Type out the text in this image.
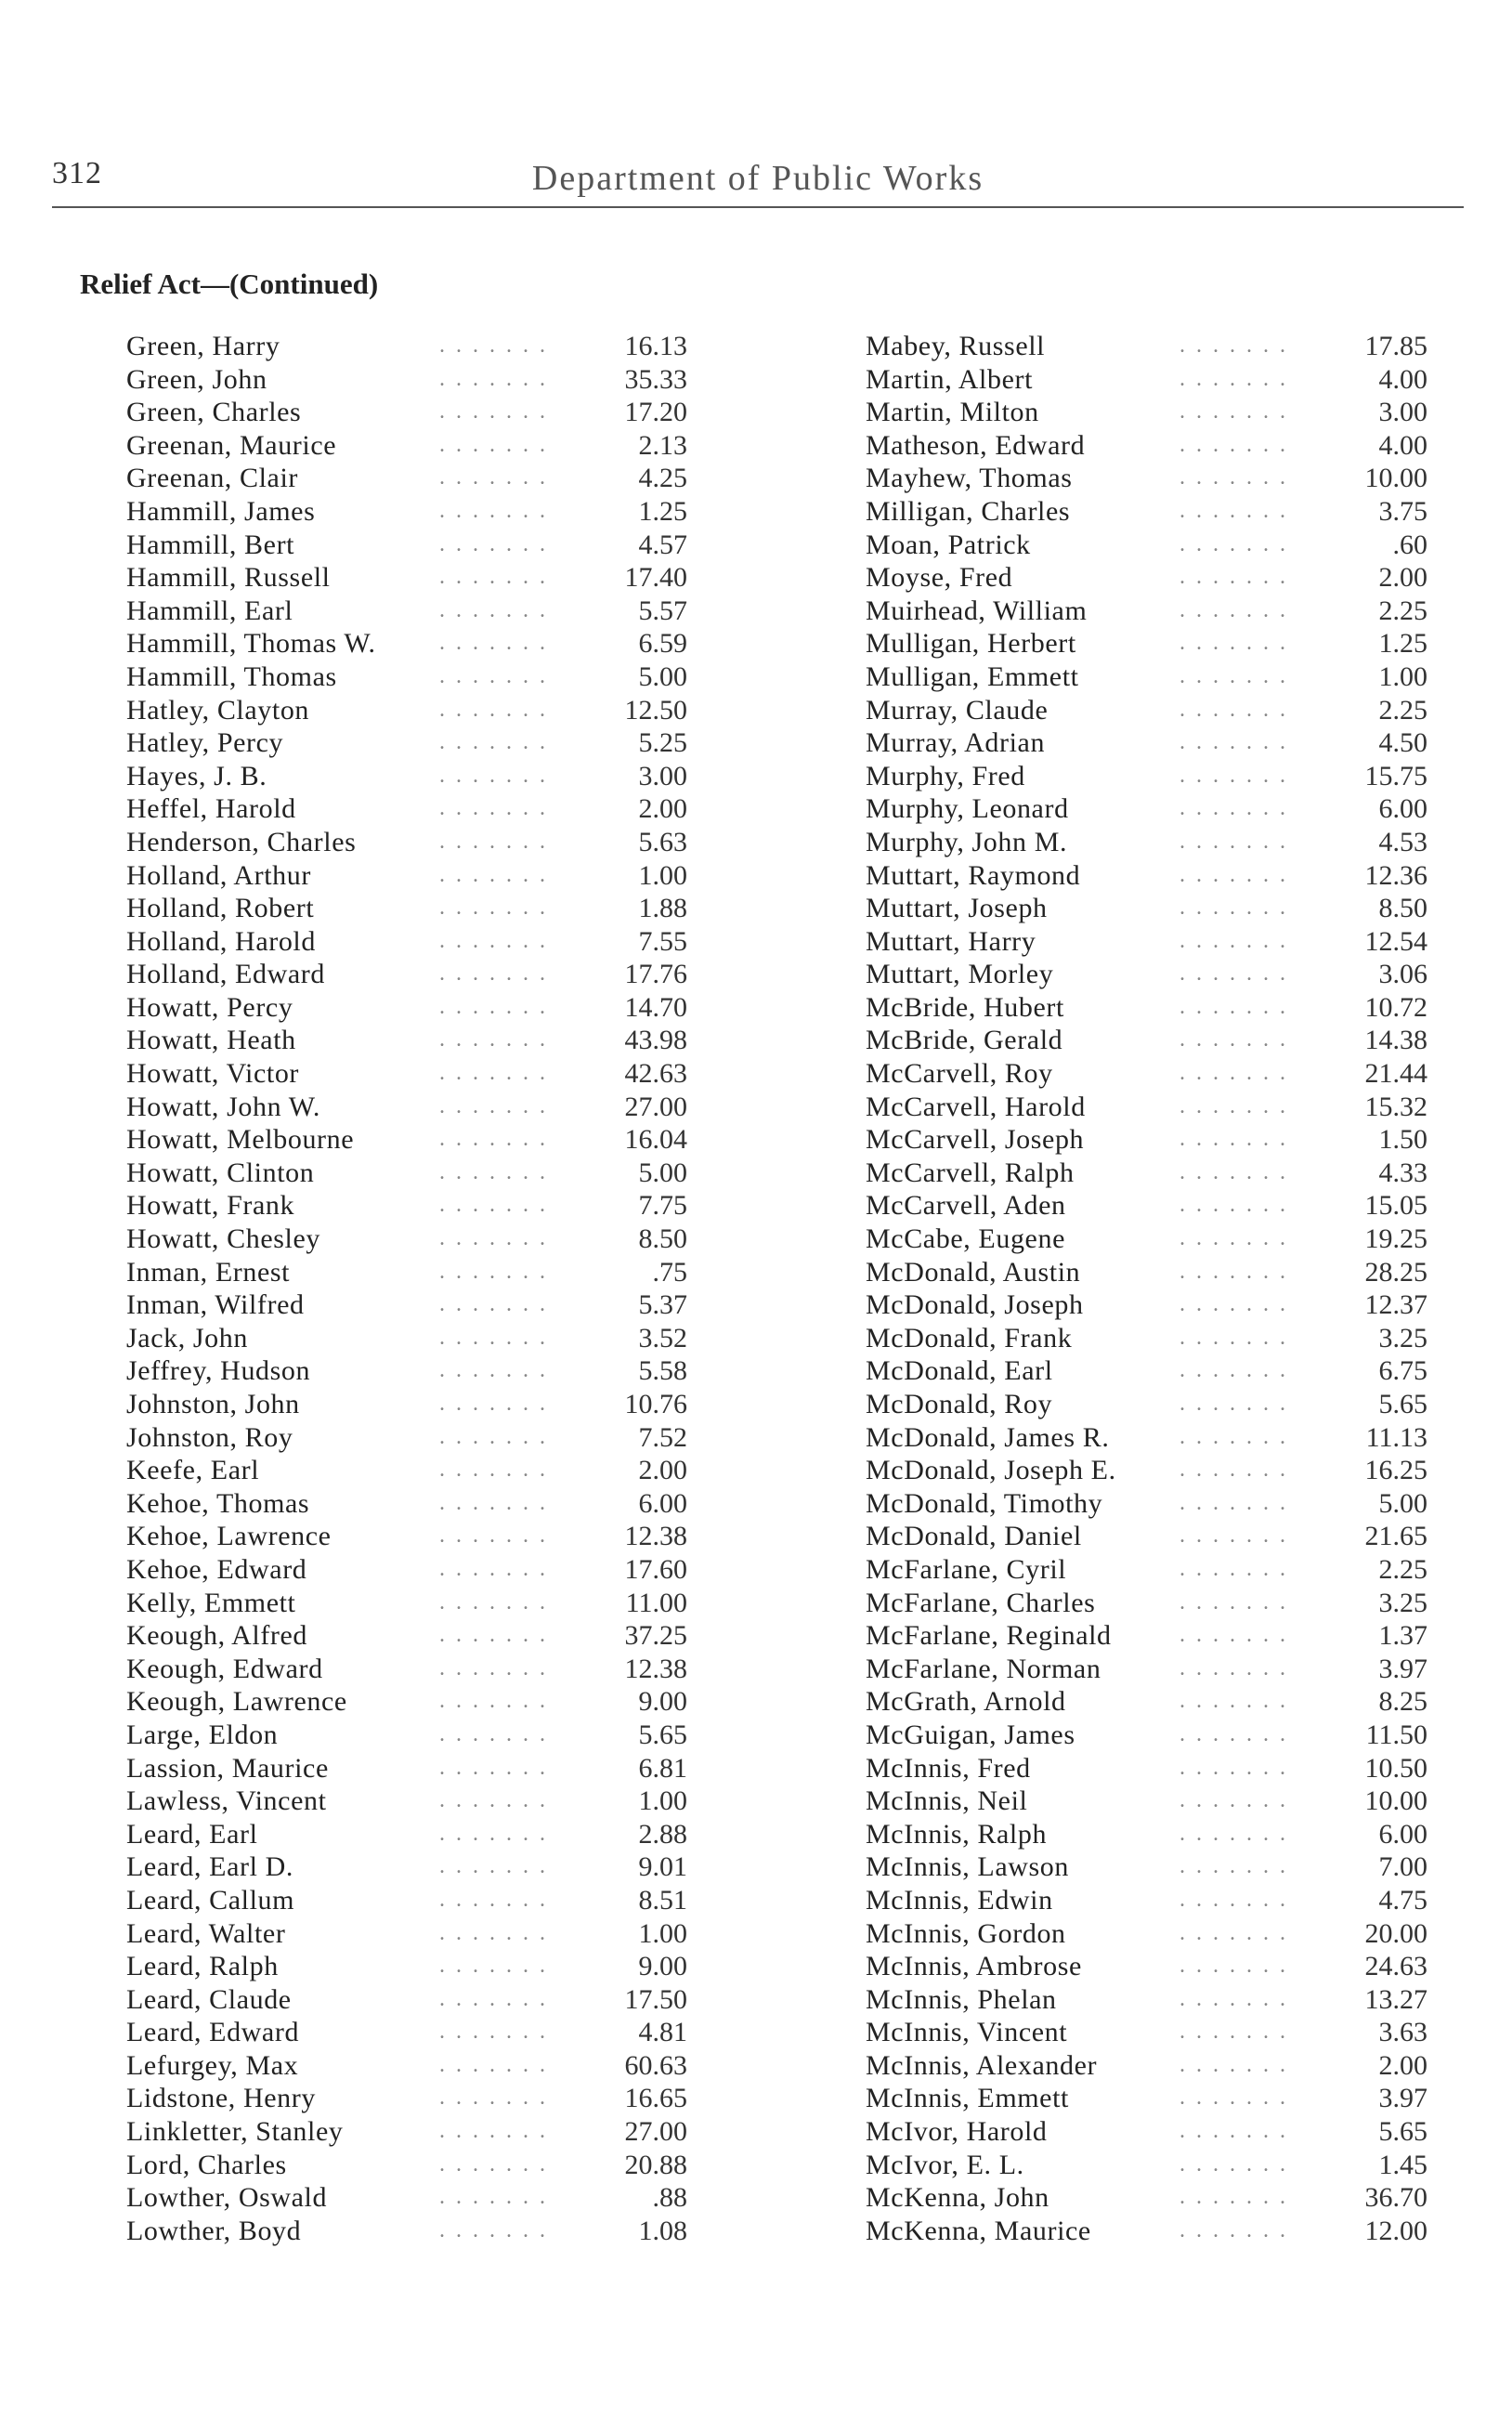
312	Department of Public Works
Relief Act—(Continued)
Green, Harry	. . . . . . .	16.13
Green, John	. . . . . . .	35.33
Green, Charles	. . . . . . .	17.20
Greenan, Maurice	. . . . . . .	2.13
Greenan, Clair	. . . . . . .	4.25
Hammill, James	. . . . . . .	1.25
Hammill, Bert	. . . . . . .	4.57
Hammill, Russell	. . . . . . .	17.40
Hammill, Earl	. . . . . . .	5.57
Hammill, Thomas W.	. . . . . . .	6.59
Hammill, Thomas	. . . . . . .	5.00
Hatley, Clayton	. . . . . . .	12.50
Hatley, Percy	. . . . . . .	5.25
Hayes, J. B.	. . . . . . .	3.00
Heffel, Harold	. . . . . . .	2.00
Henderson, Charles	. . . . . . .	5.63
Holland, Arthur	. . . . . . .	1.00
Holland, Robert	. . . . . . .	1.88
Holland, Harold	. . . . . . .	7.55
Holland, Edward	. . . . . . .	17.76
Howatt, Percy	. . . . . . .	14.70
Howatt, Heath	. . . . . . .	43.98
Howatt, Victor	. . . . . . .	42.63
Howatt, John W.	. . . . . . .	27.00
Howatt, Melbourne	. . . . . . .	16.04
Howatt, Clinton	. . . . . . .	5.00
Howatt, Frank	. . . . . . .	7.75
Howatt, Chesley	. . . . . . .	8.50
Inman, Ernest	. . . . . . .	.75
Inman, Wilfred	. . . . . . .	5.37
Jack, John	. . . . . . .	3.52
Jeffrey, Hudson	. . . . . . .	5.58
Johnston, John	. . . . . . .	10.76
Johnston, Roy	. . . . . . .	7.52
Keefe, Earl	. . . . . . .	2.00
Kehoe, Thomas	. . . . . . .	6.00
Kehoe, Lawrence	. . . . . . .	12.38
Kehoe, Edward	. . . . . . .	17.60
Kelly, Emmett	. . . . . . .	11.00
Keough, Alfred	. . . . . . .	37.25
Keough, Edward	. . . . . . .	12.38
Keough, Lawrence	. . . . . . .	9.00
Large, Eldon	. . . . . . .	5.65
Lassion, Maurice	. . . . . . .	6.81
Lawless, Vincent	. . . . . . .	1.00
Leard, Earl	. . . . . . .	2.88
Leard, Earl D.	. . . . . . .	9.01
Leard, Callum	. . . . . . .	8.51
Leard, Walter	. . . . . . .	1.00
Leard, Ralph	. . . . . . .	9.00
Leard, Claude	. . . . . . .	17.50
Leard, Edward	. . . . . . .	4.81
Lefurgey, Max	. . . . . . .	60.63
Lidstone, Henry	. . . . . . .	16.65
Linkletter, Stanley	. . . . . . .	27.00
Lord, Charles	. . . . . . .	20.88
Lowther, Oswald	. . . . . . .	.88
Lowther, Boyd	. . . . . . .	1.08
Mabey, Russell	. . . . . . .	17.85
Martin, Albert	. . . . . . .	4.00
Martin, Milton	. . . . . . .	3.00
Matheson, Edward	. . . . . . .	4.00
Mayhew, Thomas	. . . . . . .	10.00
Milligan, Charles	. . . . . . .	3.75
Moan, Patrick	. . . . . . .	.60
Moyse, Fred	. . . . . . .	2.00
Muirhead, William	. . . . . . .	2.25
Mulligan, Herbert	. . . . . . .	1.25
Mulligan, Emmett	. . . . . . .	1.00
Murray, Claude	. . . . . . .	2.25
Murray, Adrian	. . . . . . .	4.50
Murphy, Fred	. . . . . . .	15.75
Murphy, Leonard	. . . . . . .	6.00
Murphy, John M.	. . . . . . .	4.53
Muttart, Raymond	. . . . . . .	12.36
Muttart, Joseph	. . . . . . .	8.50
Muttart, Harry	. . . . . . .	12.54
Muttart, Morley	. . . . . . .	3.06
McBride, Hubert	. . . . . . .	10.72
McBride, Gerald	. . . . . . .	14.38
McCarvell, Roy	. . . . . . .	21.44
McCarvell, Harold	. . . . . . .	15.32
McCarvell, Joseph	. . . . . . .	1.50
McCarvell, Ralph	. . . . . . .	4.33
McCarvell, Aden	. . . . . . .	15.05
McCabe, Eugene	. . . . . . .	19.25
McDonald, Austin	. . . . . . .	28.25
McDonald, Joseph	. . . . . . .	12.37
McDonald, Frank	. . . . . . .	3.25
McDonald, Earl	. . . . . . .	6.75
McDonald, Roy	. . . . . . .	5.65
McDonald, James R.	. . . . . . .	11.13
McDonald, Joseph E.	. . . . . . .	16.25
McDonald, Timothy	. . . . . . .	5.00
McDonald, Daniel	. . . . . . .	21.65
McFarlane, Cyril	. . . . . . .	2.25
McFarlane, Charles	. . . . . . .	3.25
McFarlane, Reginald	. . . . . . .	1.37
McFarlane, Norman	. . . . . . .	3.97
McGrath, Arnold	. . . . . . .	8.25
McGuigan, James	. . . . . . .	11.50
McInnis, Fred	. . . . . . .	10.50
McInnis, Neil	. . . . . . .	10.00
McInnis, Ralph	. . . . . . .	6.00
McInnis, Lawson	. . . . . . .	7.00
McInnis, Edwin	. . . . . . .	4.75
McInnis, Gordon	. . . . . . .	20.00
McInnis, Ambrose	. . . . . . .	24.63
McInnis, Phelan	. . . . . . .	13.27
McInnis, Vincent	. . . . . . .	3.63
McInnis, Alexander	. . . . . . .	2.00
McInnis, Emmett	. . . . . . .	3.97
McIvor, Harold	. . . . . . .	5.65
McIvor, E. L.	. . . . . . .	1.45
McKenna, John	. . . . . . .	36.70
McKenna, Maurice	. . . . . . .	12.00
